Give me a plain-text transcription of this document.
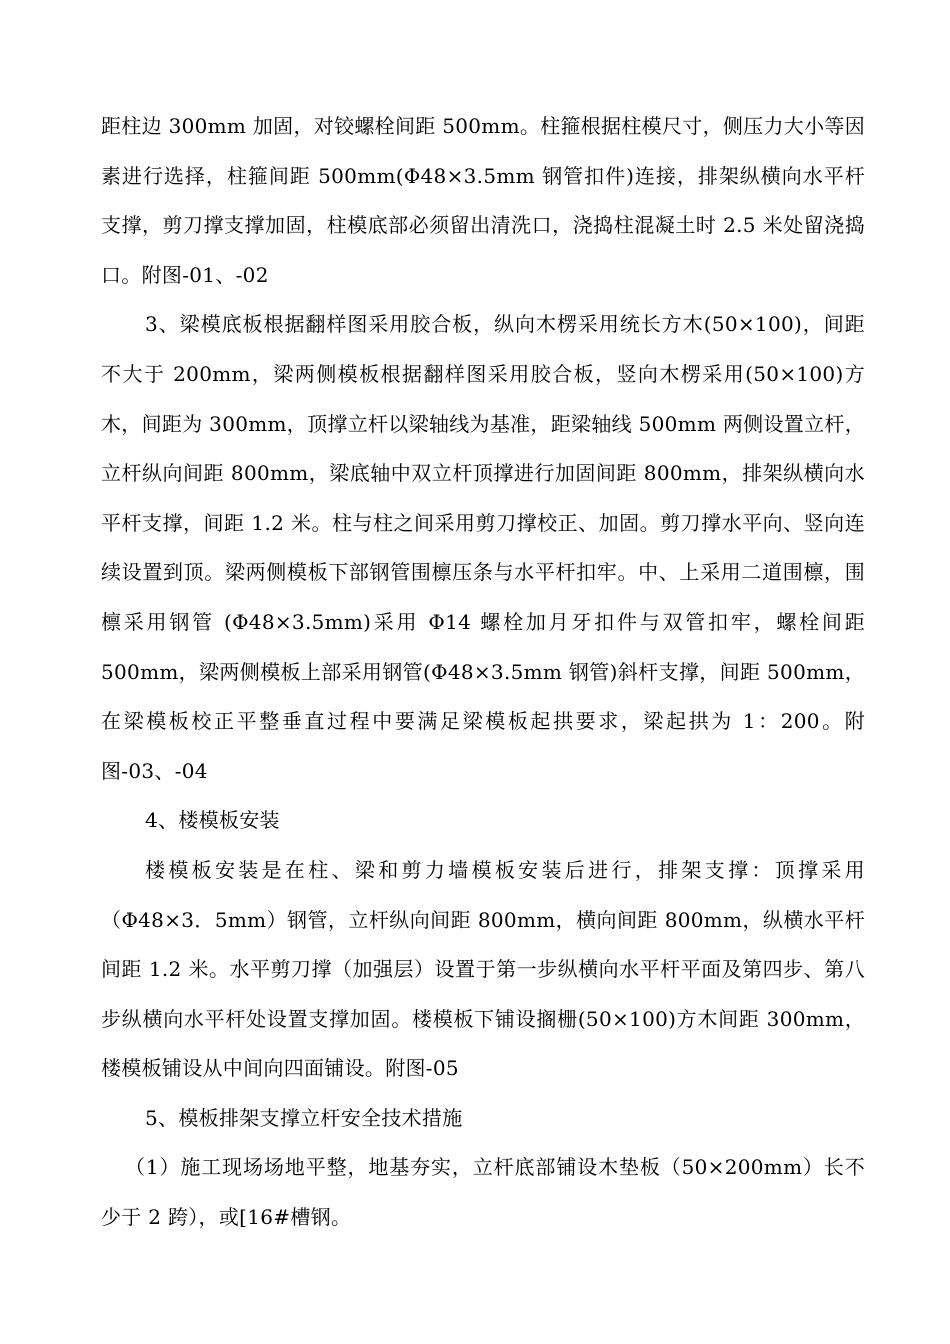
距柱边 300mm 加固，对铰螺栓间距 500mm。柱箍根据柱模尺寸，侧压力大小等因素进行选择，柱箍间距 500mm(Φ48×3.5mm 钢管扣件)连接，排架纵横向水平杆支撑，剪刀撑支撑加固，柱模底部必须留出清洗口，浇捣柱混凝土时 2.5 米处留浇捣口。附图-01、-02

3、梁模底板根据翻样图采用胶合板，纵向木楞采用统长方木(50×100)，间距不大于 200mm，梁两侧模板根据翻样图采用胶合板，竖向木楞采用(50×100)方木，间距为 300mm，顶撑立杆以梁轴线为基准，距梁轴线 500mm 两侧设置立杆，立杆纵向间距 800mm，梁底轴中双立杆顶撑进行加固间距 800mm，排架纵横向水平杆支撑，间距 1.2 米。柱与柱之间采用剪刀撑校正、加固。剪刀撑水平向、竖向连续设置到顶。梁两侧模板下部钢管围檩压条与水平杆扣牢。中、上采用二道围檩，围檩采用钢管 (Φ48×3.5mm)采用 Φ14 螺栓加月牙扣件与双管扣牢，螺栓间距 500mm，梁两侧模板上部采用钢管(Φ48×3.5mm 钢管)斜杆支撑，间距 500mm，在梁模板校正平整垂直过程中要满足梁模板起拱要求，梁起拱为 1：200。附图-03、-04

4、楼模板安装

楼模板安装是在柱、梁和剪力墙模板安装后进行，排架支撑：顶撑采用（Φ48×3．5mm）钢管，立杆纵向间距 800mm，横向间距 800mm，纵横水平杆间距 1.2 米。水平剪刀撑（加强层）设置于第一步纵横向水平杆平面及第四步、第八步纵横向水平杆处设置支撑加固。楼模板下铺设搁栅(50×100)方木间距 300mm，楼模板铺设从中间向四面铺设。附图-05

5、模板排架支撑立杆安全技术措施

（1）施工现场场地平整，地基夯实，立杆底部铺设木垫板（50×200mm）长不少于 2 跨），或[16#槽钢。
